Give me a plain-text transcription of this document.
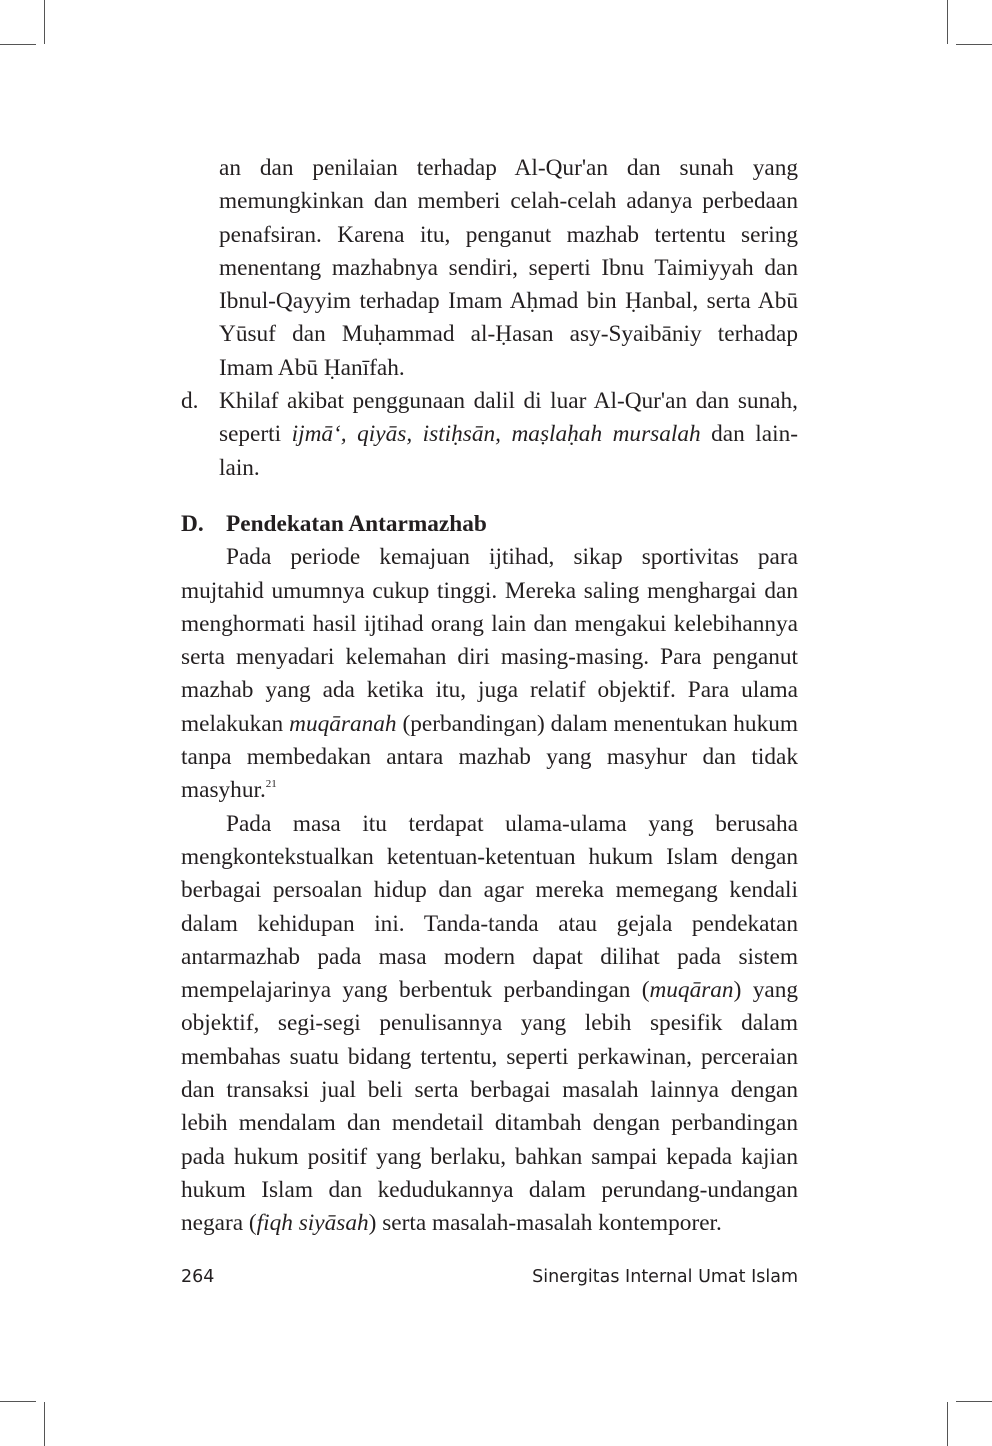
an dan penilaian terhadap Al-Qur'an dan sunah yang memungkinkan dan memberi celah-celah adanya perbedaan penafsiran. Karena itu, penganut mazhab tertentu sering menentang mazhabnya sendiri, seperti Ibnu Taimiyyah dan Ibnul-Qayyim terhadap Imam Aḥmad bin Ḥanbal, serta Abū Yūsuf dan Muḥammad al-Ḥasan asy-Syaibāniy terhadap Imam Abū Ḥanīfah.

d. Khilaf akibat penggunaan dalil di luar Al-Qur'an dan sunah, seperti ijmā‘, qiyās, istiḥsān, maṣlaḥah mursalah dan lain-lain.
D. Pendekatan Antarmazhab

Pada periode kemajuan ijtihad, sikap sportivitas para mujtahid umumnya cukup tinggi. Mereka saling menghargai dan menghormati hasil ijtihad orang lain dan mengakui kelebihannya serta menyadari kelemahan diri masing-masing. Para penganut mazhab yang ada ketika itu, juga relatif objektif. Para ulama melakukan muqāranah (perbandingan) dalam menentukan hukum tanpa membedakan antara mazhab yang masyhur dan tidak masyhur.$^{21}$

Pada masa itu terdapat ulama-ulama yang berusaha mengkontekstualkan ketentuan-ketentuan hukum Islam dengan berbagai persoalan hidup dan agar mereka memegang kendali dalam kehidupan ini. Tanda-tanda atau gejala pendekatan antarmazhab pada masa modern dapat dilihat pada sistem mempelajarinya yang berbentuk perbandingan (muqāran) yang objektif, segi-segi penulisannya yang lebih spesifik dalam membahas suatu bidang tertentu, seperti perkawinan, perceraian dan transaksi jual beli serta berbagai masalah lainnya dengan lebih mendalam dan mendetail ditambah dengan perbandingan pada hukum positif yang berlaku, bahkan sampai kepada kajian hukum Islam dan kedudukannya dalam perundang-undangan negara (fiqh siyāsah) serta masalah-masalah kontemporer.

264	Sinergitas Internal Umat Islam
